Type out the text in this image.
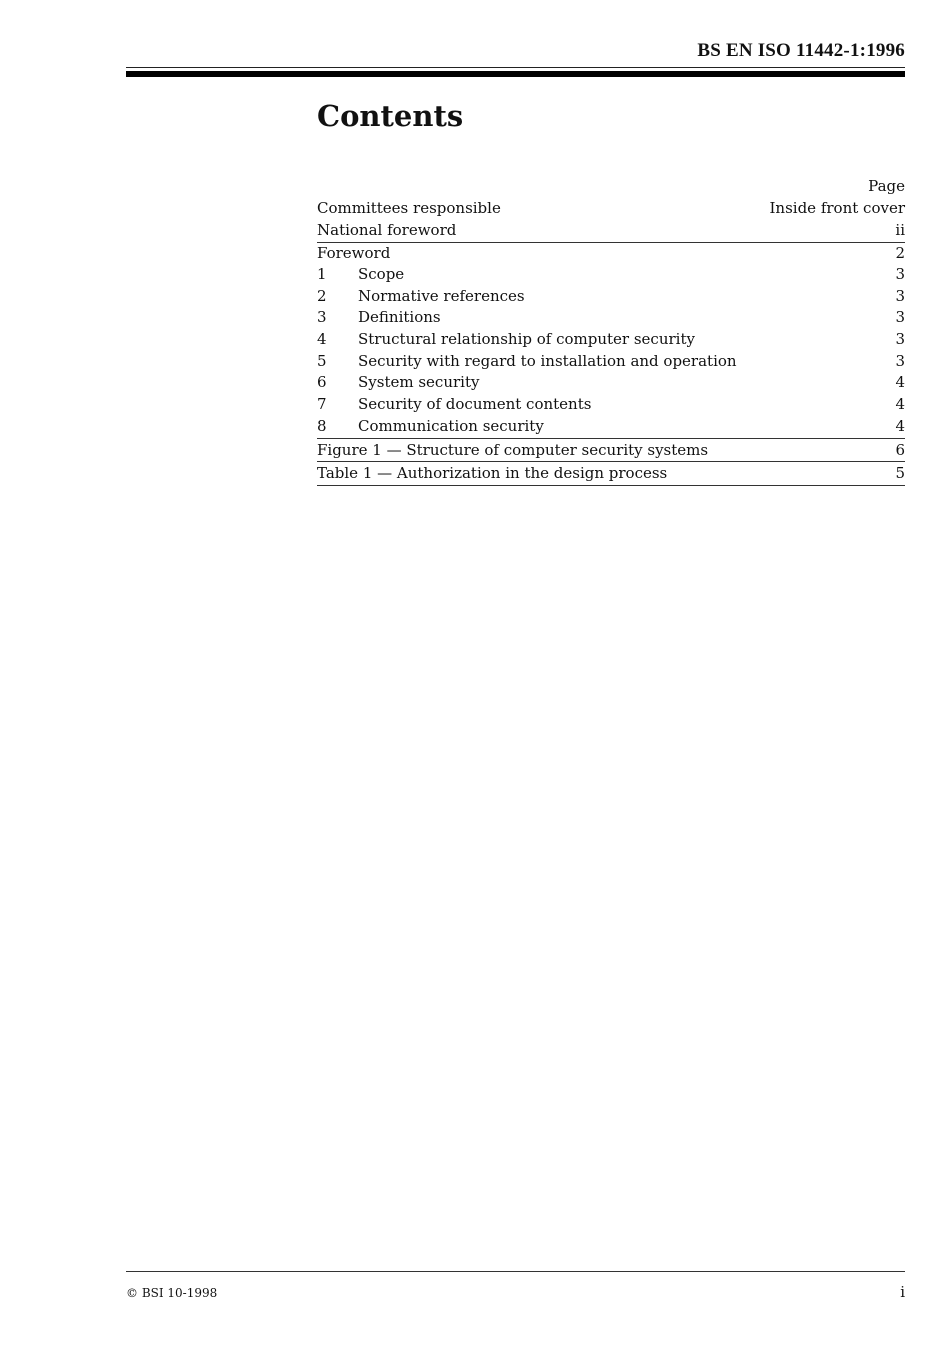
BS EN ISO 11442-1:1996
Contents
Page
Committees responsible	Inside front cover
National foreword	ii
Foreword	2
1	Scope	3
2	Normative references	3
3	Definitions	3
4	Structural relationship of computer security	3
5	Security with regard to installation and operation	3
6	System security	4
7	Security of document contents	4
8	Communication security	4
Figure 1 — Structure of computer security systems	6
Table 1 — Authorization in the design process	5
© BSI 10-1998	i
